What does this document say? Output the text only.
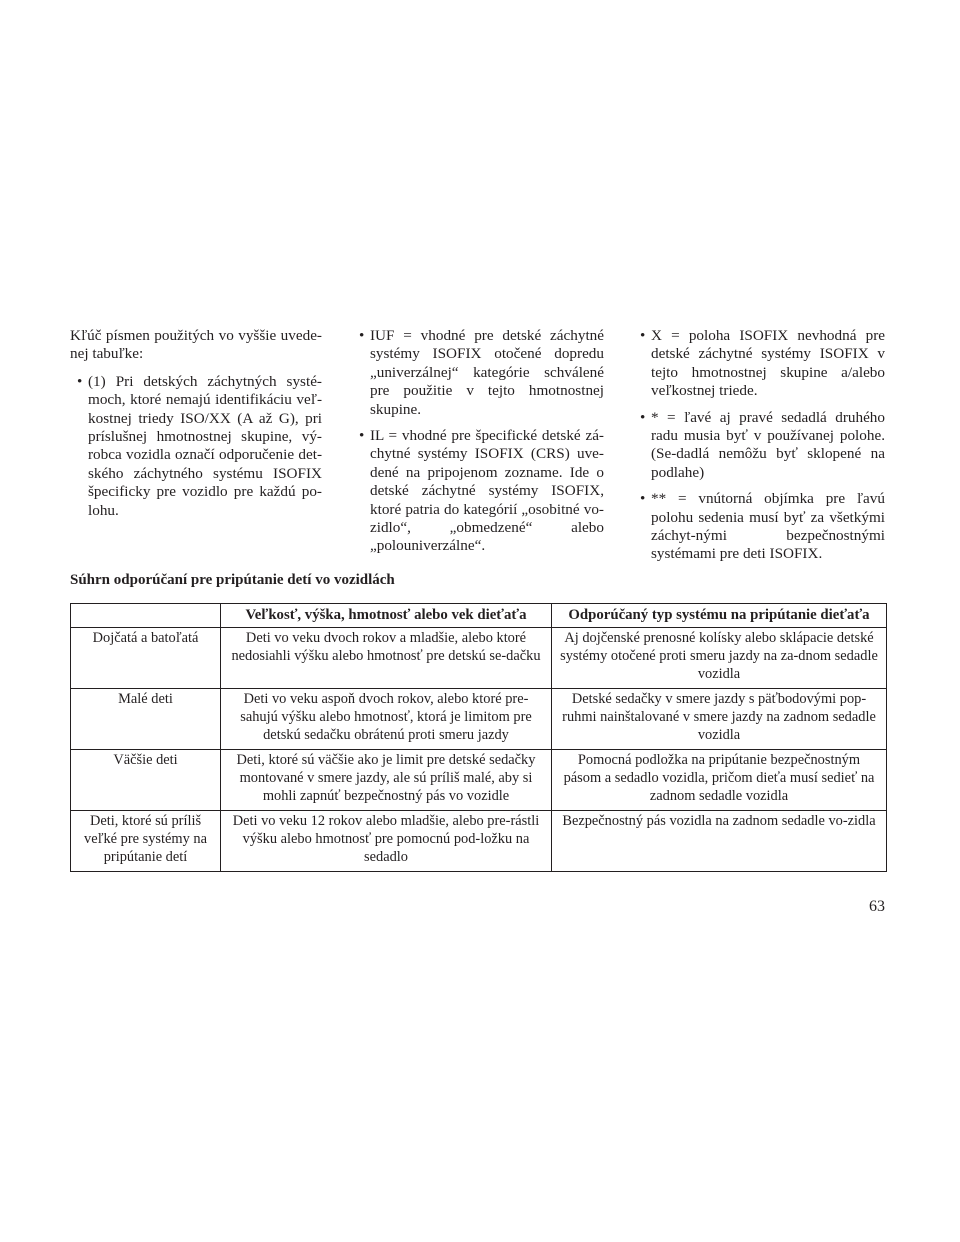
Kľúč písmen použitých vo vyššie uvede-nej tabuľke:

• (1) Pri detských záchytných systé-moch, ktoré nemajú identifikáciu veľ-kostnej triedy ISO/XX (A až G), pri príslušnej hmotnostnej skupine, vý-robca vozidla označí odporučenie det-ského záchytného systému ISOFIX špecificky pre vozidlo pre každú po-lohu.
• IUF = vhodné pre detské záchytné systémy ISOFIX otočené dopredu „univerzálnej“ kategórie schválené pre použitie v tejto hmotnostnej skupine.
• IL = vhodné pre špecifické detské zá-chytné systémy ISOFIX (CRS) uve-dené na pripojenom zozname. Ide o detské záchytné systémy ISOFIX, ktoré patria do kategórií „osobitné vo-zidlo“, „obmedzené“ alebo „polouniverzálne“.
• X = poloha ISOFIX nevhodná pre detské záchytné systémy ISOFIX v tejto hmotnostnej skupine a/alebo veľkostnej triede.
• * = ľavé aj pravé sedadlá druhého radu musia byť v používanej polohe. (Se-dadlá nemôžu byť sklopené na podlahe)
• ** = vnútorná objímka pre ľavú polohu sedenia musí byť za všetkými záchyt-nými bezpečnostnými systémami pre deti ISOFIX.
Súhrn odporúčaní pre pripútanie detí vo vozidlách
	Veľkosť, výška, hmotnosť alebo vek dieťaťa	Odporúčaný typ systému na pripútanie dieťaťa
Dojčatá a batoľatá	Deti vo veku dvoch rokov a mladšie, alebo ktoré nedosiahli výšku alebo hmotnosť pre detskú se-dačku	Aj dojčenské prenosné kolísky alebo sklápacie detské systémy otočené proti smeru jazdy na za-dnom sedadle vozidla
Malé deti	Deti vo veku aspoň dvoch rokov, alebo ktoré pre-sahujú výšku alebo hmotnosť, ktorá je limitom pre detskú sedačku obrátenú proti smeru jazdy	Detské sedačky v smere jazdy s päťbodovými pop-ruhmi nainštalované v smere jazdy na zadnom sedadle vozidla
Väčšie deti	Deti, ktoré sú väčšie ako je limit pre detské sedačky montované v smere jazdy, ale sú príliš malé, aby si mohli zapnúť bezpečnostný pás vo vozidle	Pomocná podložka na pripútanie bezpečnostným pásom a sedadlo vozidla, pričom dieťa musí sedieť na zadnom sedadle vozidla
Deti, ktoré sú príliš veľké pre systémy na pripútanie detí	Deti vo veku 12 rokov alebo mladšie, alebo pre-rástli výšku alebo hmotnosť pre pomocnú pod-ložku na sedadlo	Bezpečnostný pás vozidla na zadnom sedadle vo-zidla
63
